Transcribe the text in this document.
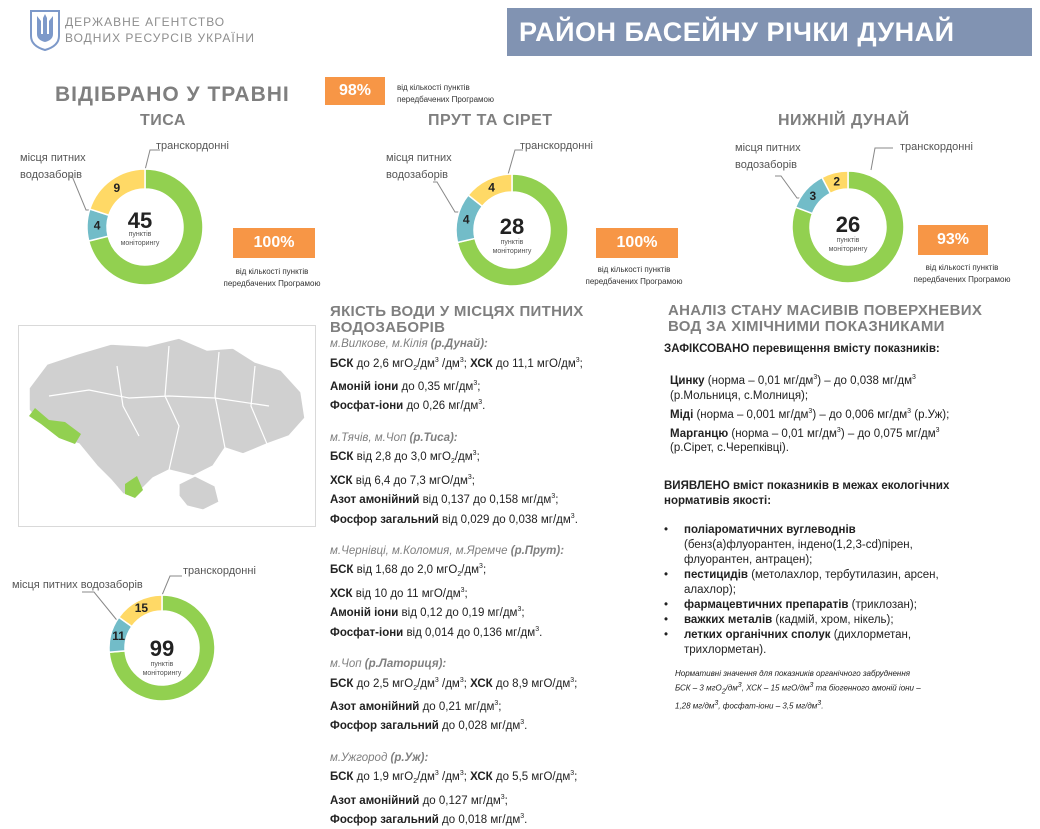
ДЕРЖАВНЕ АГЕНТСТВО
ВОДНИХ РЕСУРСІВ УКРАЇНИ	РАЙОН БАСЕЙНУ РІЧКИ ДУНАЙ
ВІДІБРАНО У ТРАВНІ	98%	від кількості пунктів
передбачених Програмою
ТИСА	ПРУТ ТА СІРЕТ	НИЖНІЙ ДУНАЙ
місця питних
водозаборів
транскордонні
9
4	45
пунктів
моніторингу	100%
від кількості пунктів
передбачених Програмою
місця питних
водозаборів
транскордонні
4
4	28
пунктів
моніторингу
100%
від кількості пунктів
передбачених Програмою
місця питних
водозаборів
транскордонні
2
3
26
пунктів
моніторингу
93%
від кількості пунктів
передбачених Програмою
ЯКІСТЬ ВОДИ У МІСЦЯХ ПИТНИХ
ВОДОЗАБОРІВ
м.Вилкове, м.Кілія (р.Дунай):
БСК до 2,6 $мгО_2/дм^3$ $/дм^3$; ХСК до 11,1 мгО/$дм^3$;
Амоній іони до 0,35 $мг/дм^3$;
Фосфат-іони до 0,26 $мг/дм^3$.
м.Тячів, м.Чоп (р.Тиса):
БСК від 2,8 до 3,0 $мгО_2/дм^3$;
ХСК від 6,4 до 7,3 мгО/$дм^3$;
Азот амонійний від 0,137 до 0,158 $мг/дм^3$;
Фосфор загальний від 0,029 до 0,038 $мг/дм^3$.
м.Чернівці, м.Коломия, м.Яремче (р.Прут):
БСК від 1,68 до 2,0 $мгО_2/дм^3$;
ХСК від 10 до 11 мгО/$дм^3$;
Амоній іони від 0,12 до 0,19 $мг/дм^3$;
Фосфат-іони від 0,014 до 0,136 $мг/дм^3$.
м.Чоп (р.Латориця):
БСК до 2,5 $мгО_2/дм^3$ $/дм^3$; ХСК до 8,9 мгО/$дм^3$;
Азот амонійний до 0,21 $мг/дм^3$;
Фосфор загальний до 0,028 $мг/дм^3$.
м.Ужгород (р.Уж):
БСК до 1,9 $мгО_2/дм^3$ $/дм^3$; ХСК до 5,5 мгО/$дм^3$;
Азот амонійний до 0,127 $мг/дм^3$;
Фосфор загальний до 0,018 $мг/дм^3$.
АНАЛІЗ СТАНУ МАСИВІВ ПОВЕРХНЕВИХ
ВОД ЗА ХІМІЧНИМИ ПОКАЗНИКАМИ
ЗАФІКСОВАНО перевищення вмісту показників:
Цинку (норма – 0,01 $мг/дм^3$) – до 0,038 $мг/дм^3$
(р.Мольниця, с.Молниця);
Міді (норма – 0,001 $мг/дм^3$) – до 0,006 $мг/дм^3$ (р.Уж);
Марганцю (норма – 0,01 $мг/дм^3$) – до 0,075 $мг/дм^3$
(р.Сірет, с.Черепківці).
ВИЯВЛЕНО вміст показників в межах екологічних
нормативів якості:
• поліароматичних вуглеводнів
(бенз(а)флуорантен, індено(1,2,3-cd)пірен,
флуорантен, антрацен);
• пестицидів (метолахлор, тербутилазин, арсен,
алахлор);
• фармацевтичних препаратів (триклозан);
• важких металів (кадмій, хром, нікель);
• летких органічних сполук (дихлорметан,
трихлорметан).
місця питних водозаборів
транскордонні
15
11	99
пунктів
моніторингу	Нормативні значення для показників органічного забруднення
БСК – 3 $мгО_2/дм^3$, ХСК – 15 мгО/$дм^3$ та біогенного амоній іони –
1,28 $мг/дм^3$, фосфат-іони – 3,5 $мг/дм^3$.
